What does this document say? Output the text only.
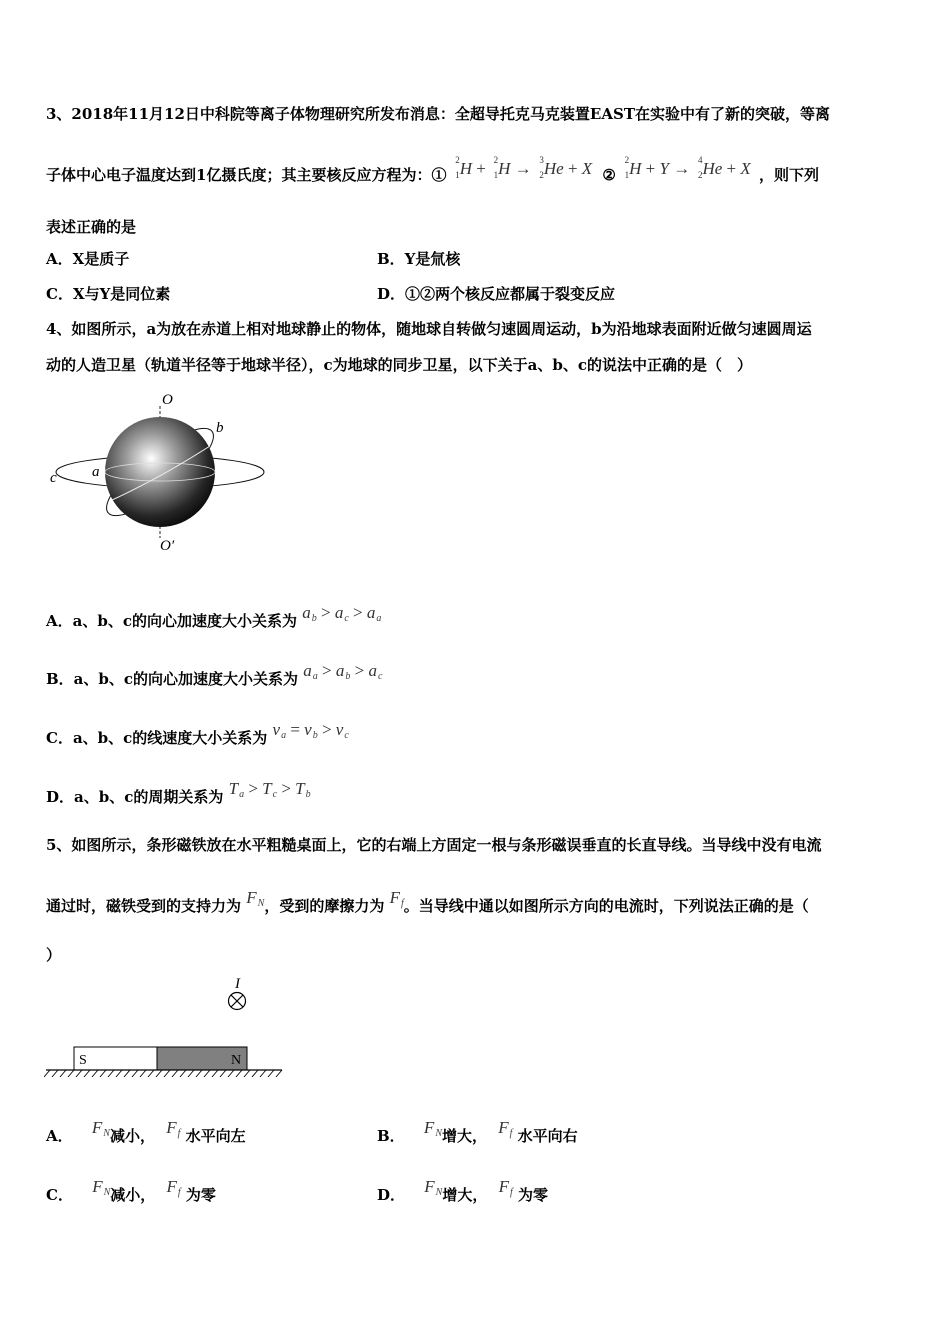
3、2018年11月12日中科院等离子体物理研究所发布消息：全超导托克马克装置EAST在实验中有了新的突破，等离
子体中心电子温度达到1亿摄氏度；其主要核反应方程为：①
2
1 H + 2
1 H → 3
2 He + X ②
2
1 H + Y → 4
2 He + X ，则下列
表述正确的是
A．X是质子	B．Y是氚核
C．X与Y是同位素	D．①②两个核反应都属于裂变反应
4、如图所示，a为放在赤道上相对地球静止的物体，随地球自转做匀速圆周运动，b为沿地球表面附近做匀速圆周运
动的人造卫星（轨道半径等于地球半径），c为地球的同步卫星，以下关于a、b、c的说法中正确的是（　）
O
O′
a
b
c
A．a、b、c的向心加速度大小关系为 $a_b > a_c > a_a$
B．a、b、c的向心加速度大小关系为 $a_a > a_b > a_c$
C．a、b、c的线速度大小关系为 $v_a = v_b > v_c$
D．a、b、c的周期关系为 $T_a > T_c > T_b$
5、如图所示，条形磁铁放在水平粗糙桌面上，它的右端上方固定一根与条形磁误垂直的长直导线。当导线中没有电流
通过时，磁铁受到的支持力为 $F_N$，受到的摩擦力为 $F_f$。当导线中通以如图所示方向的电流时，下列说法正确的是（
）
I
S	N
A． $F_N$减小， $F_f$ 水平向左	B． $F_N$增大， $F_f$ 水平向右
C． $F_N$减小， $F_f$ 为零	D． $F_N$增大， $F_f$ 为零
